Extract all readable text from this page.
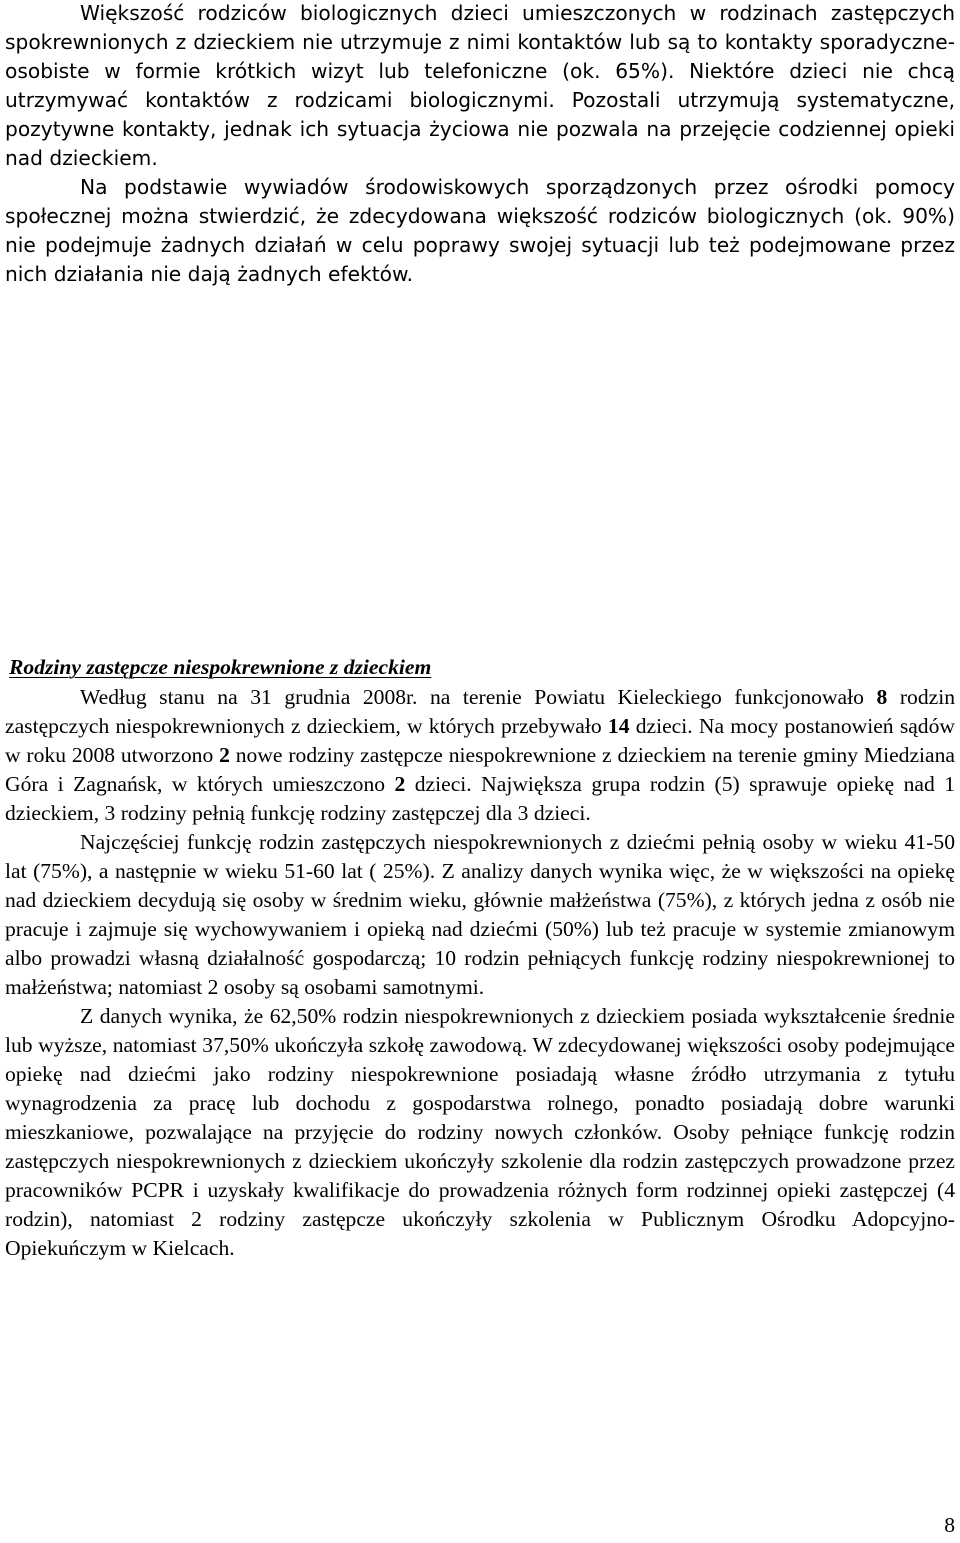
Większość rodziców biologicznych dzieci umieszczonych w rodzinach zastępczych spokrewnionych z dzieckiem nie utrzymuje z nimi kontaktów lub są to kontakty sporadyczne- osobiste w formie krótkich wizyt lub telefoniczne (ok. 65%). Niektóre dzieci nie chcą utrzymywać kontaktów z rodzicami biologicznymi. Pozostali utrzymują systematyczne, pozytywne kontakty, jednak ich sytuacja życiowa nie pozwala na przejęcie codziennej opieki nad dzieckiem.

Na podstawie wywiadów środowiskowych sporządzonych przez ośrodki pomocy społecznej można stwierdzić, że zdecydowana większość rodziców biologicznych (ok. 90%) nie podejmuje żadnych działań w celu poprawy swojej sytuacji lub też podejmowane przez nich działania nie dają żadnych efektów.

Rodziny zastępcze niespokrewnione z dzieckiem

Według stanu na 31 grudnia 2008r. na terenie Powiatu Kieleckiego funkcjonowało 8 rodzin zastępczych niespokrewnionych z dzieckiem, w których przebywało 14 dzieci. Na mocy postanowień sądów w roku 2008 utworzono 2 nowe rodziny zastępcze niespokrewnione z dzieckiem na terenie gminy Miedziana Góra i Zagnańsk, w których umieszczono 2 dzieci. Największa grupa rodzin (5) sprawuje opiekę nad 1 dzieckiem, 3 rodziny pełnią funkcję rodziny zastępczej dla 3 dzieci.

Najczęściej funkcję rodzin zastępczych niespokrewnionych z dziećmi pełnią osoby w wieku 41-50 lat (75%), a następnie w wieku 51-60 lat ( 25%). Z analizy danych wynika więc, że w większości na opiekę nad dzieckiem decydują się osoby w średnim wieku, głównie małżeństwa (75%), z których jedna z osób nie pracuje i zajmuje się wychowywaniem i opieką nad dziećmi (50%) lub też pracuje w systemie zmianowym albo prowadzi własną działalność gospodarczą; 10 rodzin pełniących funkcję rodziny niespokrewnionej to małżeństwa; natomiast 2 osoby są osobami samotnymi.

Z danych wynika, że 62,50% rodzin niespokrewnionych z dzieckiem posiada wykształcenie średnie lub wyższe, natomiast 37,50% ukończyła szkołę zawodową. W zdecydowanej większości osoby podejmujące opiekę nad dziećmi jako rodziny niespokrewnione posiadają własne źródło utrzymania z tytułu wynagrodzenia za pracę lub dochodu z gospodarstwa rolnego, ponadto posiadają dobre warunki mieszkaniowe, pozwalające na przyjęcie do rodziny nowych członków. Osoby pełniące funkcję rodzin zastępczych niespokrewnionych z dzieckiem ukończyły szkolenie dla rodzin zastępczych prowadzone przez pracowników PCPR i uzyskały kwalifikacje do prowadzenia różnych form rodzinnej opieki zastępczej (4 rodzin), natomiast 2 rodziny zastępcze ukończyły szkolenia w Publicznym Ośrodku Adopcyjno-Opiekuńczym w Kielcach.

8
